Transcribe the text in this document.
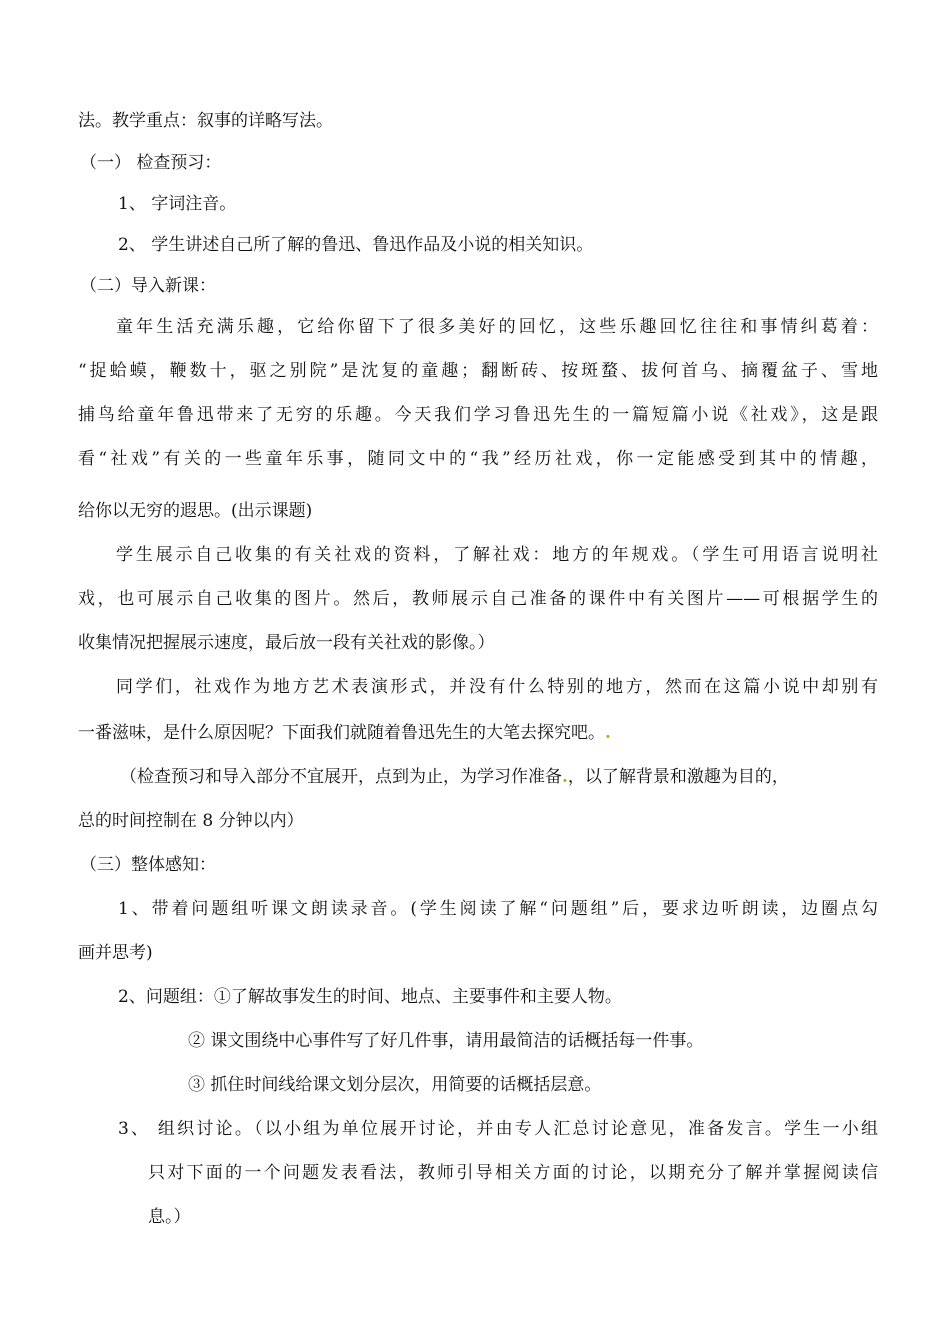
法。教学重点：叙事的详略写法。
（一） 检查预习：
1、 字词注音。
2、 学生讲述自己所了解的鲁迅、鲁迅作品及小说的相关知识。
（二）导入新课：
童年生活充满乐趣，它给你留下了很多美好的回忆，这些乐趣回忆往往和事情纠葛着：
“捉蛤蟆，鞭数十，驱之别院”是沈复的童趣；翻断砖、按斑蝥、拔何首乌、摘覆盆子、雪地
捕鸟给童年鲁迅带来了无穷的乐趣。今天我们学习鲁迅先生的一篇短篇小说《社戏》，这是跟
看“社戏”有关的一些童年乐事，随同文中的“我”经历社戏，你一定能感受到其中的情趣，
给你以无穷的遐思。(出示课题)
学生展示自己收集的有关社戏的资料，了解社戏：地方的年规戏。（学生可用语言说明社
戏，也可展示自己收集的图片。然后，教师展示自己准备的课件中有关图片——可根据学生的
收集情况把握展示速度，最后放一段有关社戏的影像。）
同学们，社戏作为地方艺术表演形式，并没有什么特别的地方，然而在这篇小说中却别有
一番滋味，是什么原因呢？下面我们就随着鲁迅先生的大笔去探究吧。.
（检查预习和导入部分不宜展开，点到为止，为学习作准备.，以了解背景和激趣为目的，
总的时间控制在 8 分钟以内）
（三）整体感知：
1、带着问题组听课文朗读录音。(学生阅读了解“问题组”后，要求边听朗读，边圈点勾
画并思考)
2、问题组：①了解故事发生的时间、地点、主要事件和主要人物。
② 课文围绕中心事件写了好几件事，请用最简洁的话概括每一件事。
③ 抓住时间线给课文划分层次，用简要的话概括层意。
3、 组织讨论。（以小组为单位展开讨论，并由专人汇总讨论意见，准备发言。学生一小组
只对下面的一个问题发表看法，教师引导相关方面的讨论，以期充分了解并掌握阅读信
息。）
